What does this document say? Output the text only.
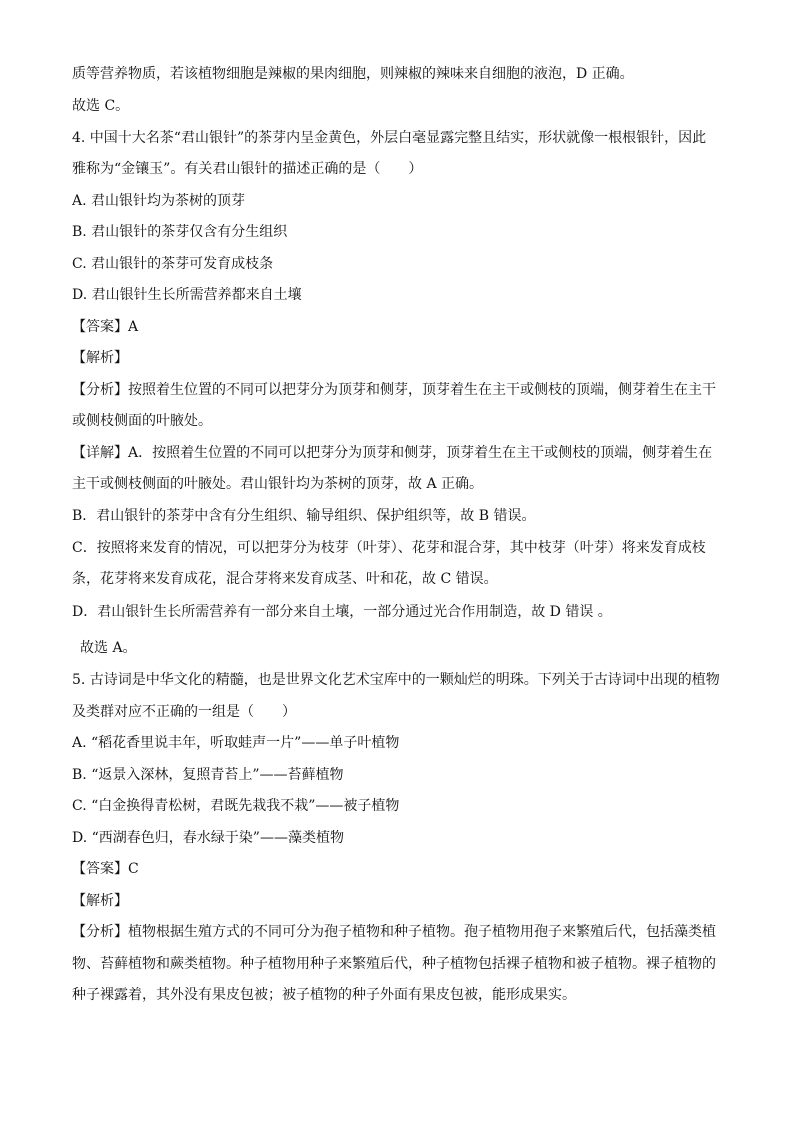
质等营养物质，若该植物细胞是辣椒的果肉细胞，则辣椒的辣味来自细胞的液泡，D 正确。
故选 C。
4. 中国十大名茶“君山银针”的茶芽内呈金黄色，外层白毫显露完整且结实，形状就像一根根银针，因此
雅称为“金镶玉”。有关君山银针的描述正确的是（　　）
A. 君山银针均为茶树的顶芽
B. 君山银针的茶芽仅含有分生组织
C. 君山银针的茶芽可发育成枝条
D. 君山银针生长所需营养都来自土壤
【答案】A
【解析】
【分析】按照着生位置的不同可以把芽分为顶芽和侧芽，顶芽着生在主干或侧枝的顶端，侧芽着生在主干
或侧枝侧面的叶腋处。
【详解】A．按照着生位置的不同可以把芽分为顶芽和侧芽，顶芽着生在主干或侧枝的顶端，侧芽着生在
主干或侧枝侧面的叶腋处。君山银针均为茶树的顶芽，故 A 正确。
B．君山银针的茶芽中含有分生组织、输导组织、保护组织等，故 B 错误。
C．按照将来发育的情况，可以把芽分为枝芽（叶芽）、花芽和混合芽，其中枝芽（叶芽）将来发育成枝
条，花芽将来发育成花，混合芽将来发育成茎、叶和花，故 C 错误。
D．君山银针生长所需营养有一部分来自土壤，一部分通过光合作用制造，故 D 错误 。
故选 A。
5. 古诗词是中华文化的精髓，也是世界文化艺术宝库中的一颗灿烂的明珠。下列关于古诗词中出现的植物
及类群对应不正确的一组是（　　）
A. “稻花香里说丰年，听取蛙声一片”——单子叶植物
B. “返景入深林，复照青苔上”——苔藓植物
C. “白金换得青松树，君既先栽我不栽”——被子植物
D. “西湖春色归，春水绿于染”——藻类植物
【答案】C
【解析】
【分析】植物根据生殖方式的不同可分为孢子植物和种子植物。孢子植物用孢子来繁殖后代，包括藻类植
物、苔藓植物和蕨类植物。种子植物用种子来繁殖后代，种子植物包括裸子植物和被子植物。裸子植物的
种子裸露着，其外没有果皮包被；被子植物的种子外面有果皮包被，能形成果实。
